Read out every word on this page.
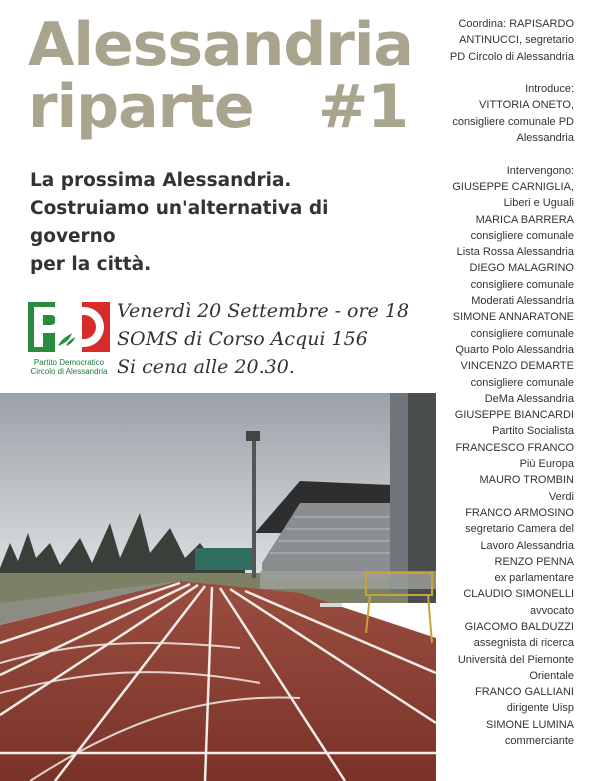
Alessandria
riparte #1
La prossima Alessandria.
Costruiamo un'alternativa di governo
per la città.
Partito Democratico
Circolo di Alessandria
Venerdì 20 Settembre - ore 18
SOMS di Corso Acqui 156
Si cena alle 20.30.
Coordina: RAPISARDO
ANTINUCCI, segretario
PD Circolo di Alessandria
Introduce:
VITTORIA ONETO,
consigliere comunale PD
Alessandria
Intervengono:
GIUSEPPE CARNIGLIA,
Liberi e Uguali
MARICA BARRERA
consigliere comunale
Lista Rossa Alessandria
DIEGO MALAGRINO
consigliere comunale
Moderati Alessandria
SIMONE ANNARATONE
consigliere comunale
Quarto Polo Alessandria
VINCENZO DEMARTE
consigliere comunale
DeMa Alessandria
GIUSEPPE BIANCARDI
Partito Socialista
FRANCESCO FRANCO
Più Europa
MAURO TROMBIN
Verdi
FRANCO ARMOSINO
segretario Camera del
Lavoro Alessandria
RENZO PENNA
ex parlamentare
CLAUDIO SIMONELLI
avvocato
GIACOMO BALDUZZI
assegnista di ricerca
Università del Piemonte
Orientale
FRANCO GALLIANI
dirigente Uisp
SIMONE LUMINA
commerciante
